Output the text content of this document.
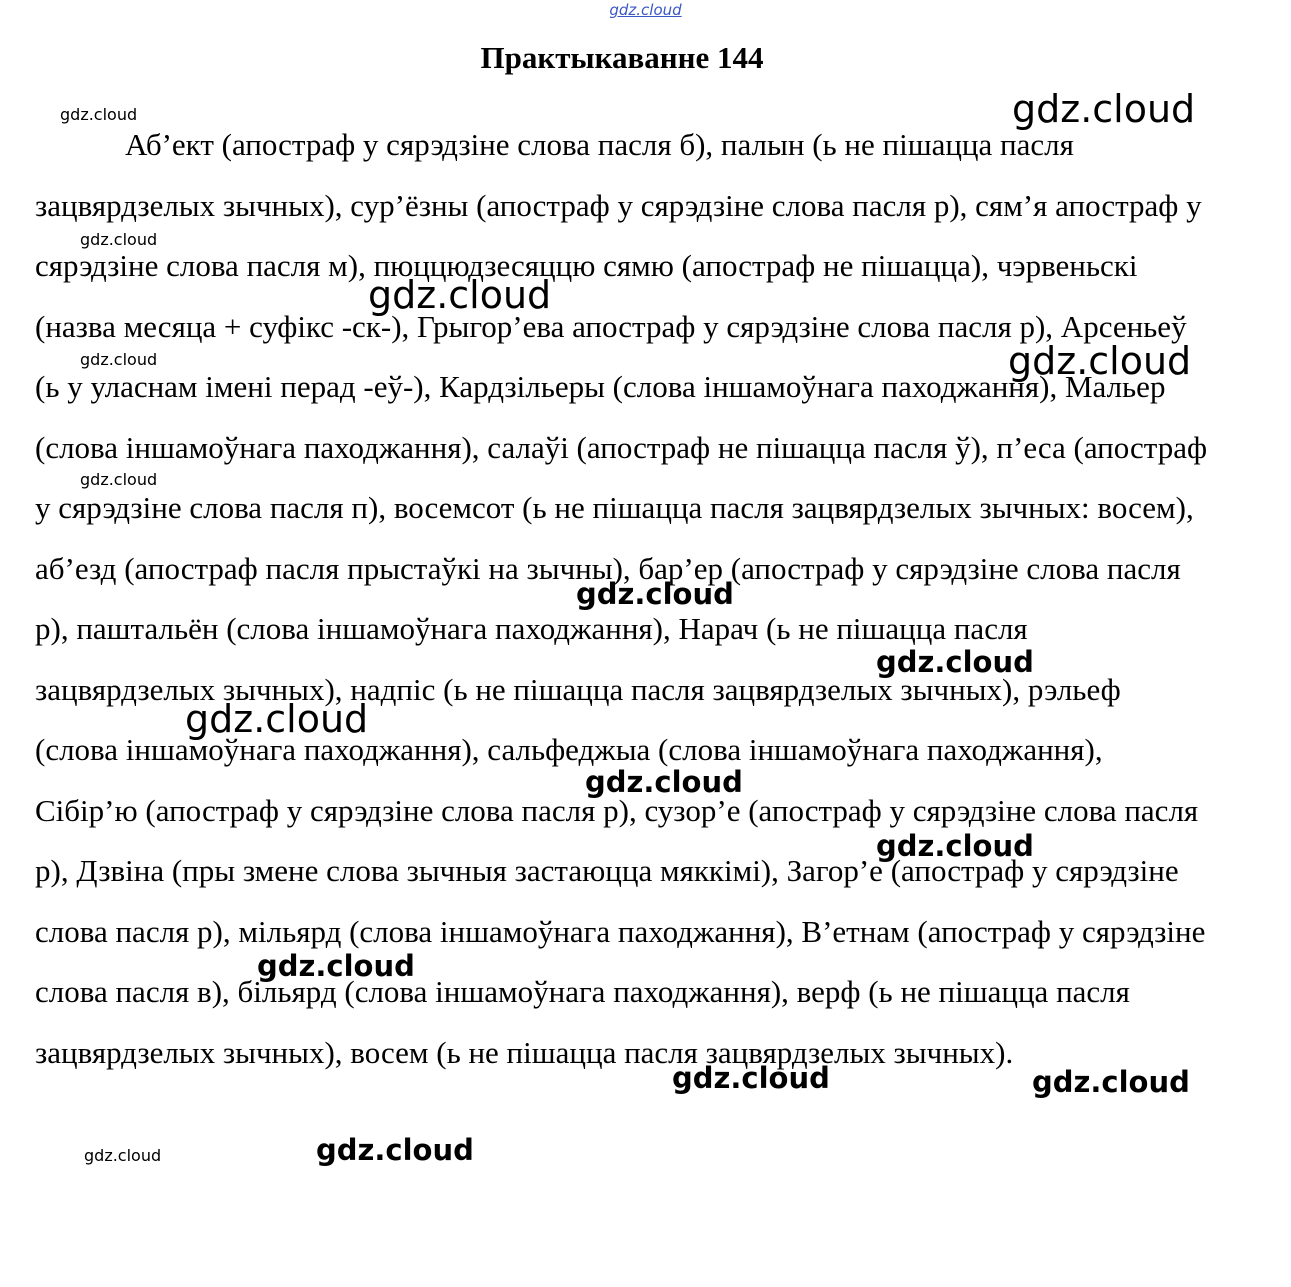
gdz.cloud
Практыкаванне 144

Аб’ект (апостраф у сярэдзіне слова пасля б), палын (ь не пішацца пасля зацвярдзелых зычных), сур’ёзны (апостраф у сярэдзіне слова пасля р), сям’я апостраф у сярэдзіне слова пасля м), пюццюдзесяццю сямю (апостраф не пішацца), чэрвеньскі (назва месяца + суфікс -ск-), Грыгор’ева апостраф у сярэдзіне слова пасля р), Арсеньеў (ь у уласнам імені перад -еў-), Кардзільеры (слова іншамоўнага паходжання), Мальер (слова іншамоўнага паходжання), салаўі (апостраф не пішацца пасля ў), п’еса (апостраф у сярэдзіне слова пасля п), восемсот (ь не пішацца пасля зацвярдзелых зычных: восем), аб’езд (апостраф пасля прыстаўкі на зычны), бар’ер (апостраф у сярэдзіне слова пасля р), паштальён (слова іншамоўнага паходжання), Нарач (ь не пішацца пасля зацвярдзелых зычных), надпіс (ь не пішацца пасля зацвярдзелых зычных), рэльеф (слова іншамоўнага паходжання), сальфеджыа (слова іншамоўнага паходжання), Сібір’ю (апостраф у сярэдзіне слова пасля р), сузор’е (апостраф у сярэдзіне слова пасля р), Дзвіна (пры змене слова зычныя застаюцца мяккімі), Загор’е (апостраф у сярэдзіне слова пасля р), мільярд (слова іншамоўнага паходжання), В’етнам (апостраф у сярэдзіне слова пасля в), більярд (слова іншамоўнага паходжання), верф (ь не пішацца пасля зацвярдзелых зычных), восем (ь не пішацца пасля зацвярдзелых зычных).

gdz.cloud	gdz.cloud
gdz.cloud
gdz.cloud
gdz.cloud	gdz.cloud
gdz.cloud
gdz.cloud
gdz.cloud
gdz.cloud
gdz.cloud
gdz.cloud
gdz.cloud
gdz.cloud	gdz.cloud
gdz.cloud	gdz.cloud
